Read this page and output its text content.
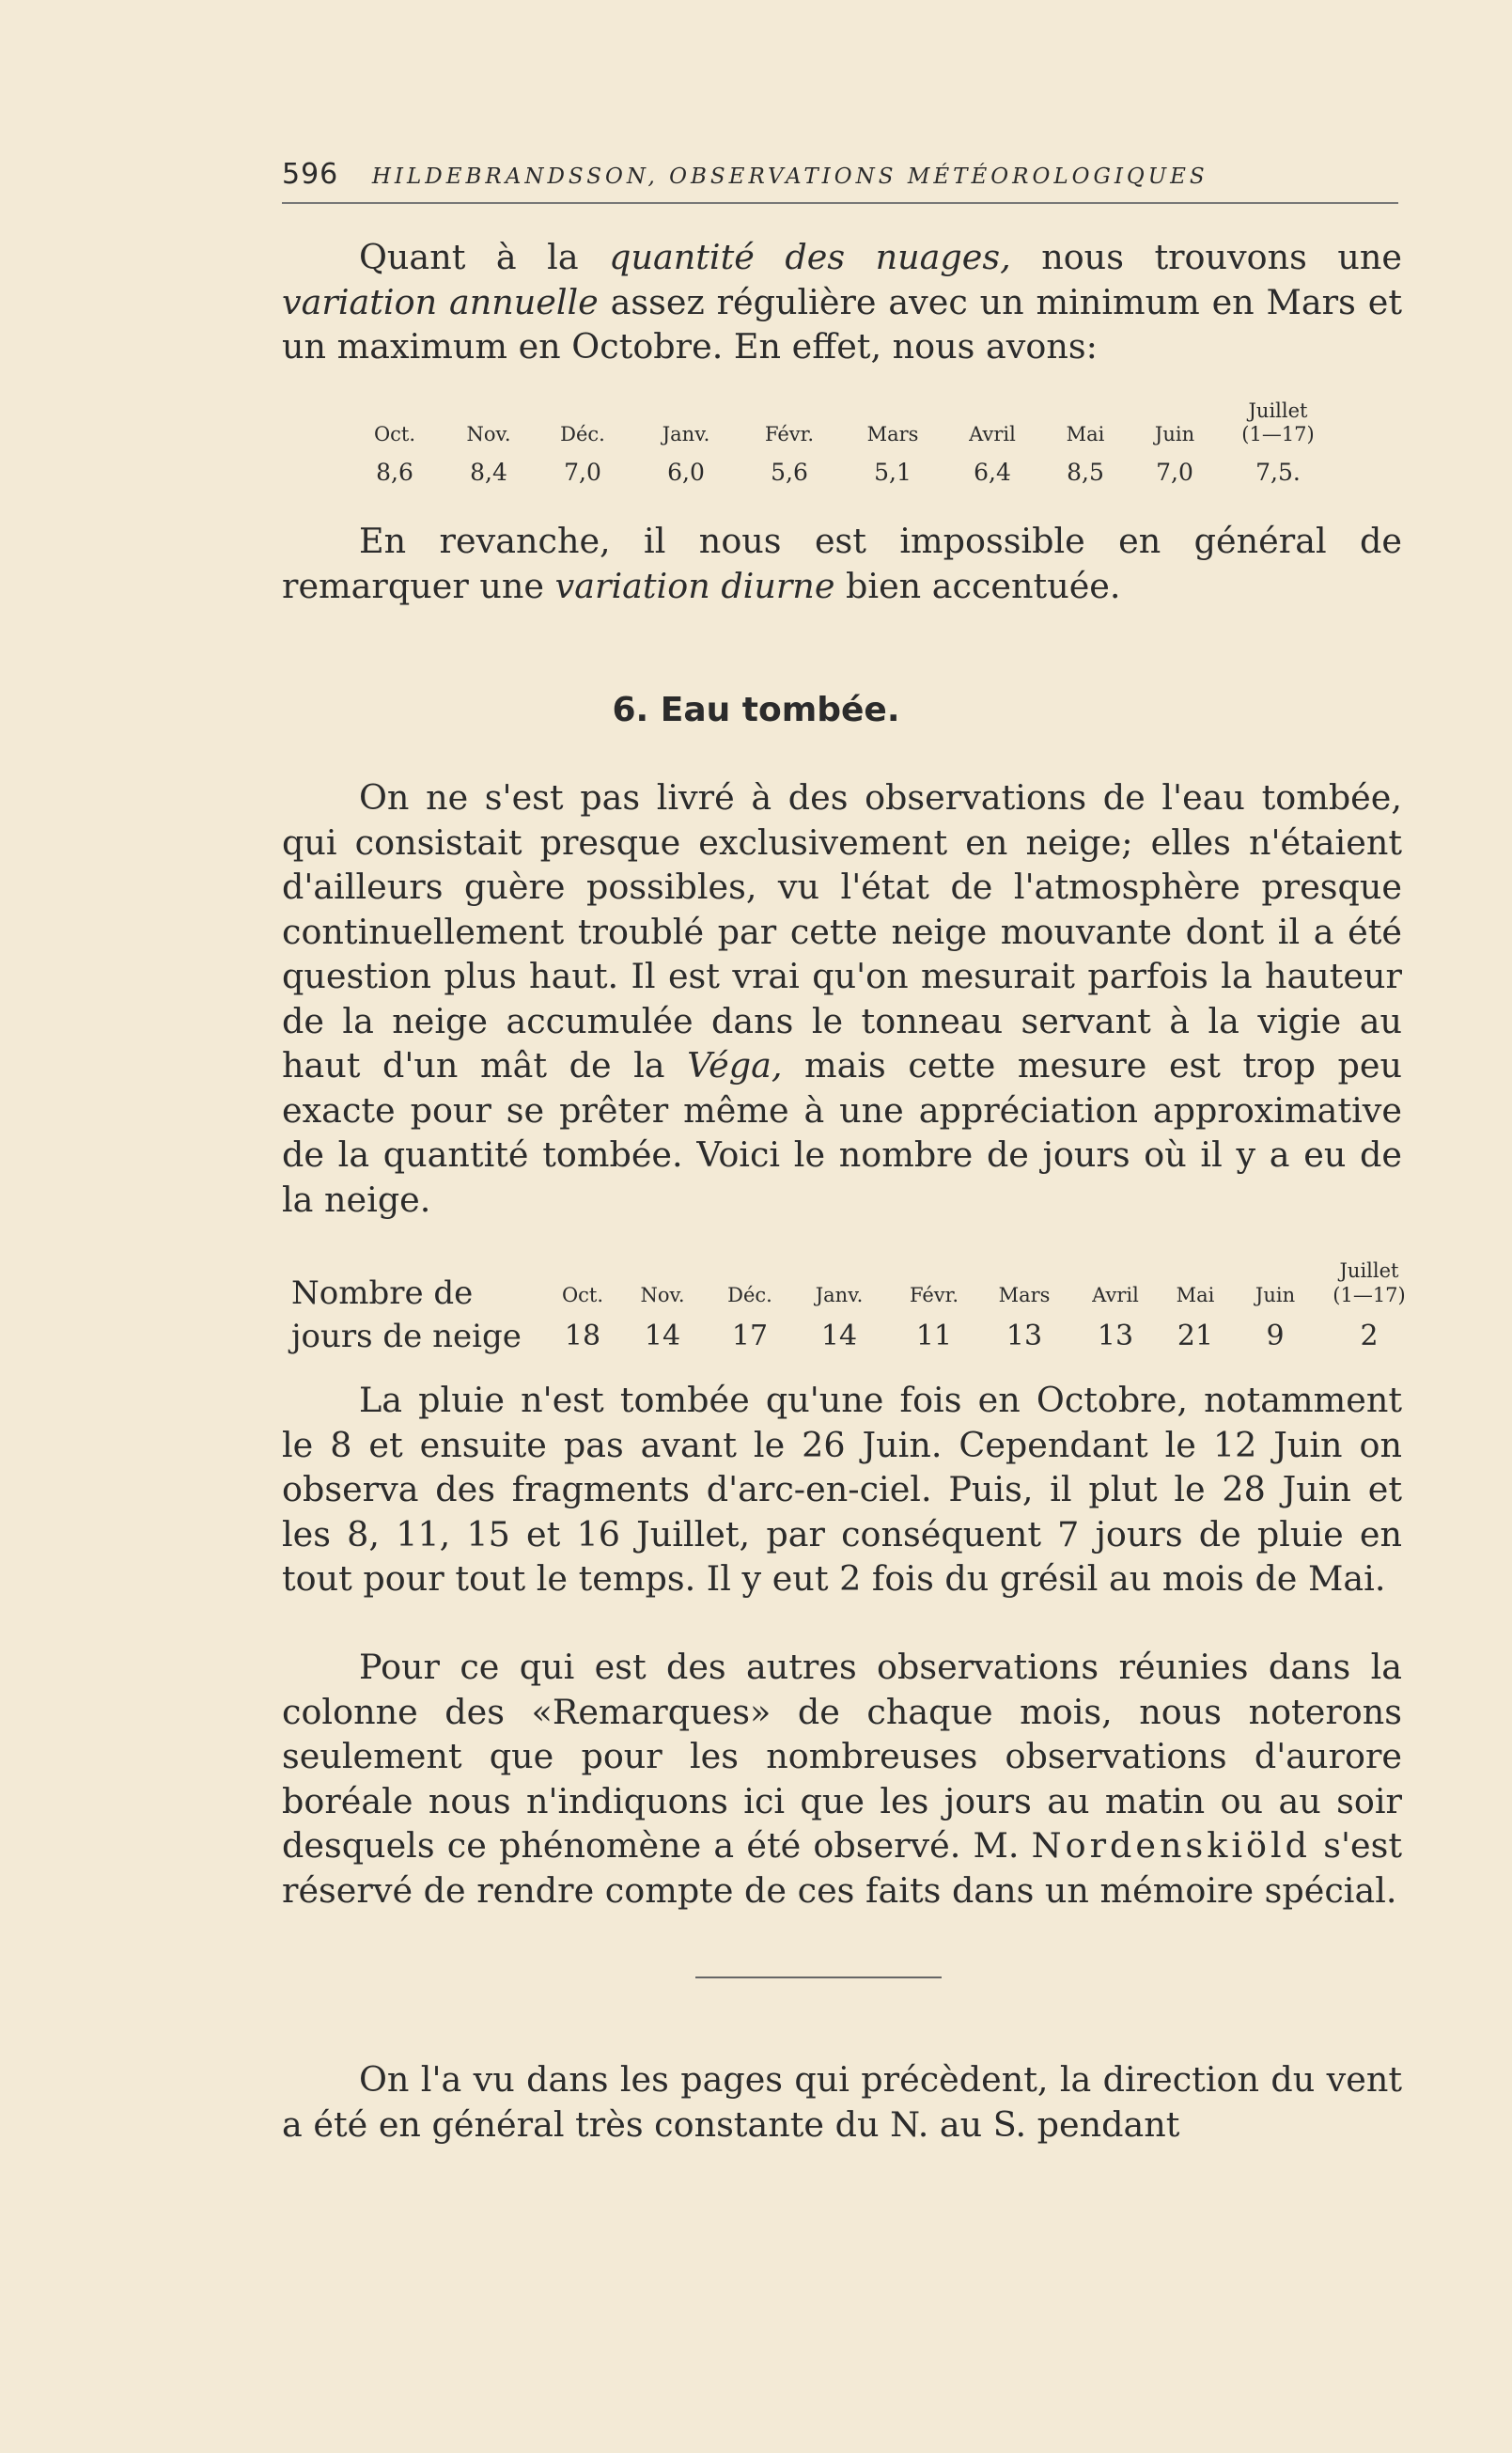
596 HILDEBRANDSSON, OBSERVATIONS MÉTÉOROLOGIQUES

Quant à la quantité des nuages, nous trouvons une variation annuelle assez régulière avec un minimum en Mars et un maximum en Octobre. En effet, nous avons:

Juillet
Oct.	Nov.	Déc.	Janv.	Févr.	Mars	Avril	Mai	Juin	(1—17)
8,6	8,4	7,0	6,0	5,6	5,1	6,4	8,5	7,0	7,5.

En revanche, il nous est impossible en général de remarquer une variation diurne bien accentuée.

6. Eau tombée.

On ne s'est pas livré à des observations de l'eau tombée, qui consistait presque exclusivement en neige; elles n'étaient d'ailleurs guère possibles, vu l'état de l'atmosphère presque continuellement troublé par cette neige mouvante dont il a été question plus haut. Il est vrai qu'on mesurait parfois la hauteur de la neige accumulée dans le tonneau servant à la vigie au haut d'un mât de la Véga, mais cette mesure est trop peu exacte pour se prêter même à une appréciation approximative de la quantité tombée. Voici le nombre de jours où il y a eu de la neige.

Nombre de
jours de neige
Juillet
Oct.	Nov.	Déc.	Janv.	Févr.	Mars	Avril	Mai	Juin	(1—17)
18	14	17	14	11	13	13	21	9	2

La pluie n'est tombée qu'une fois en Octobre, notamment le 8 et ensuite pas avant le 26 Juin. Cependant le 12 Juin on observa des fragments d'arc-en-ciel. Puis, il plut le 28 Juin et les 8, 11, 15 et 16 Juillet, par conséquent 7 jours de pluie en tout pour tout le temps. Il y eut 2 fois du grésil au mois de Mai.

Pour ce qui est des autres observations réunies dans la colonne des «Remarques» de chaque mois, nous noterons seulement que pour les nombreuses observations d'aurore boréale nous n'indiquons ici que les jours au matin ou au soir desquels ce phénomène a été observé. M. Nordenskiöld s'est réservé de rendre compte de ces faits dans un mémoire spécial.

On l'a vu dans les pages qui précèdent, la direction du vent a été en général très constante du N. au S. pendant
